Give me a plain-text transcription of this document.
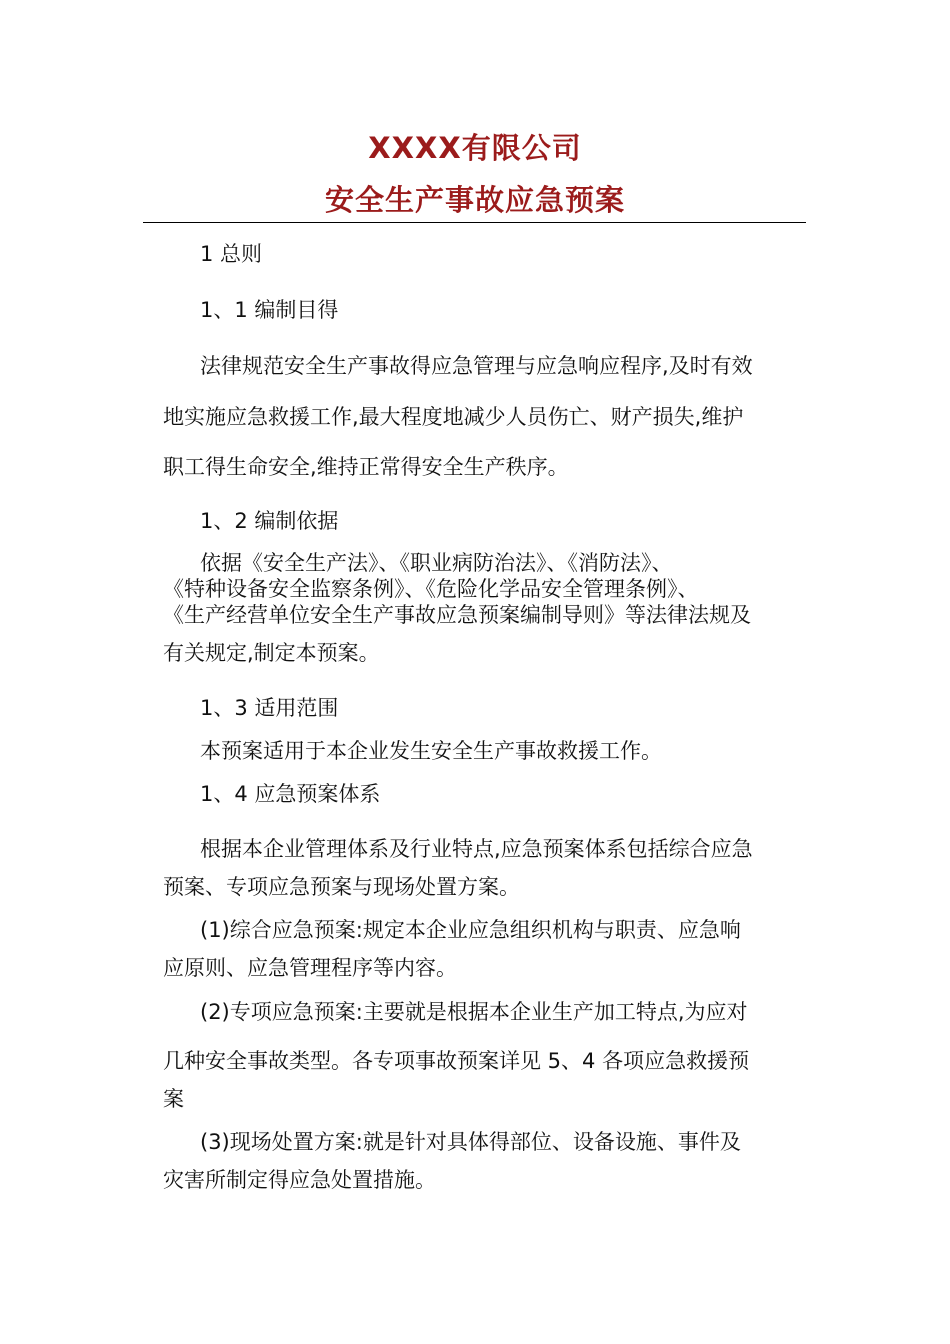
XXXX有限公司
安全生产事故应急预案
1 总则
1、1 编制目得
法律规范安全生产事故得应急管理与应急响应程序,及时有效
地实施应急救援工作,最大程度地减少人员伤亡、财产损失,维护
职工得生命安全,维持正常得安全生产秩序。
1、2 编制依据
依据《安全生产法》、《职业病防治法》、《消防法》、
《特种设备安全监察条例》、《危险化学品安全管理条例》、
《生产经营单位安全生产事故应急预案编制导则》等法律法规及
有关规定,制定本预案。
1、3 适用范围
本预案适用于本企业发生安全生产事故救援工作。
1、4 应急预案体系
根据本企业管理体系及行业特点,应急预案体系包括综合应急
预案、专项应急预案与现场处置方案。
(1)综合应急预案:规定本企业应急组织机构与职责、应急响
应原则、应急管理程序等内容。
(2)专项应急预案:主要就是根据本企业生产加工特点,为应对
几种安全事故类型。各专项事故预案详见 5、4 各项应急救援预
案
(3)现场处置方案:就是针对具体得部位、设备设施、事件及
灾害所制定得应急处置措施。
